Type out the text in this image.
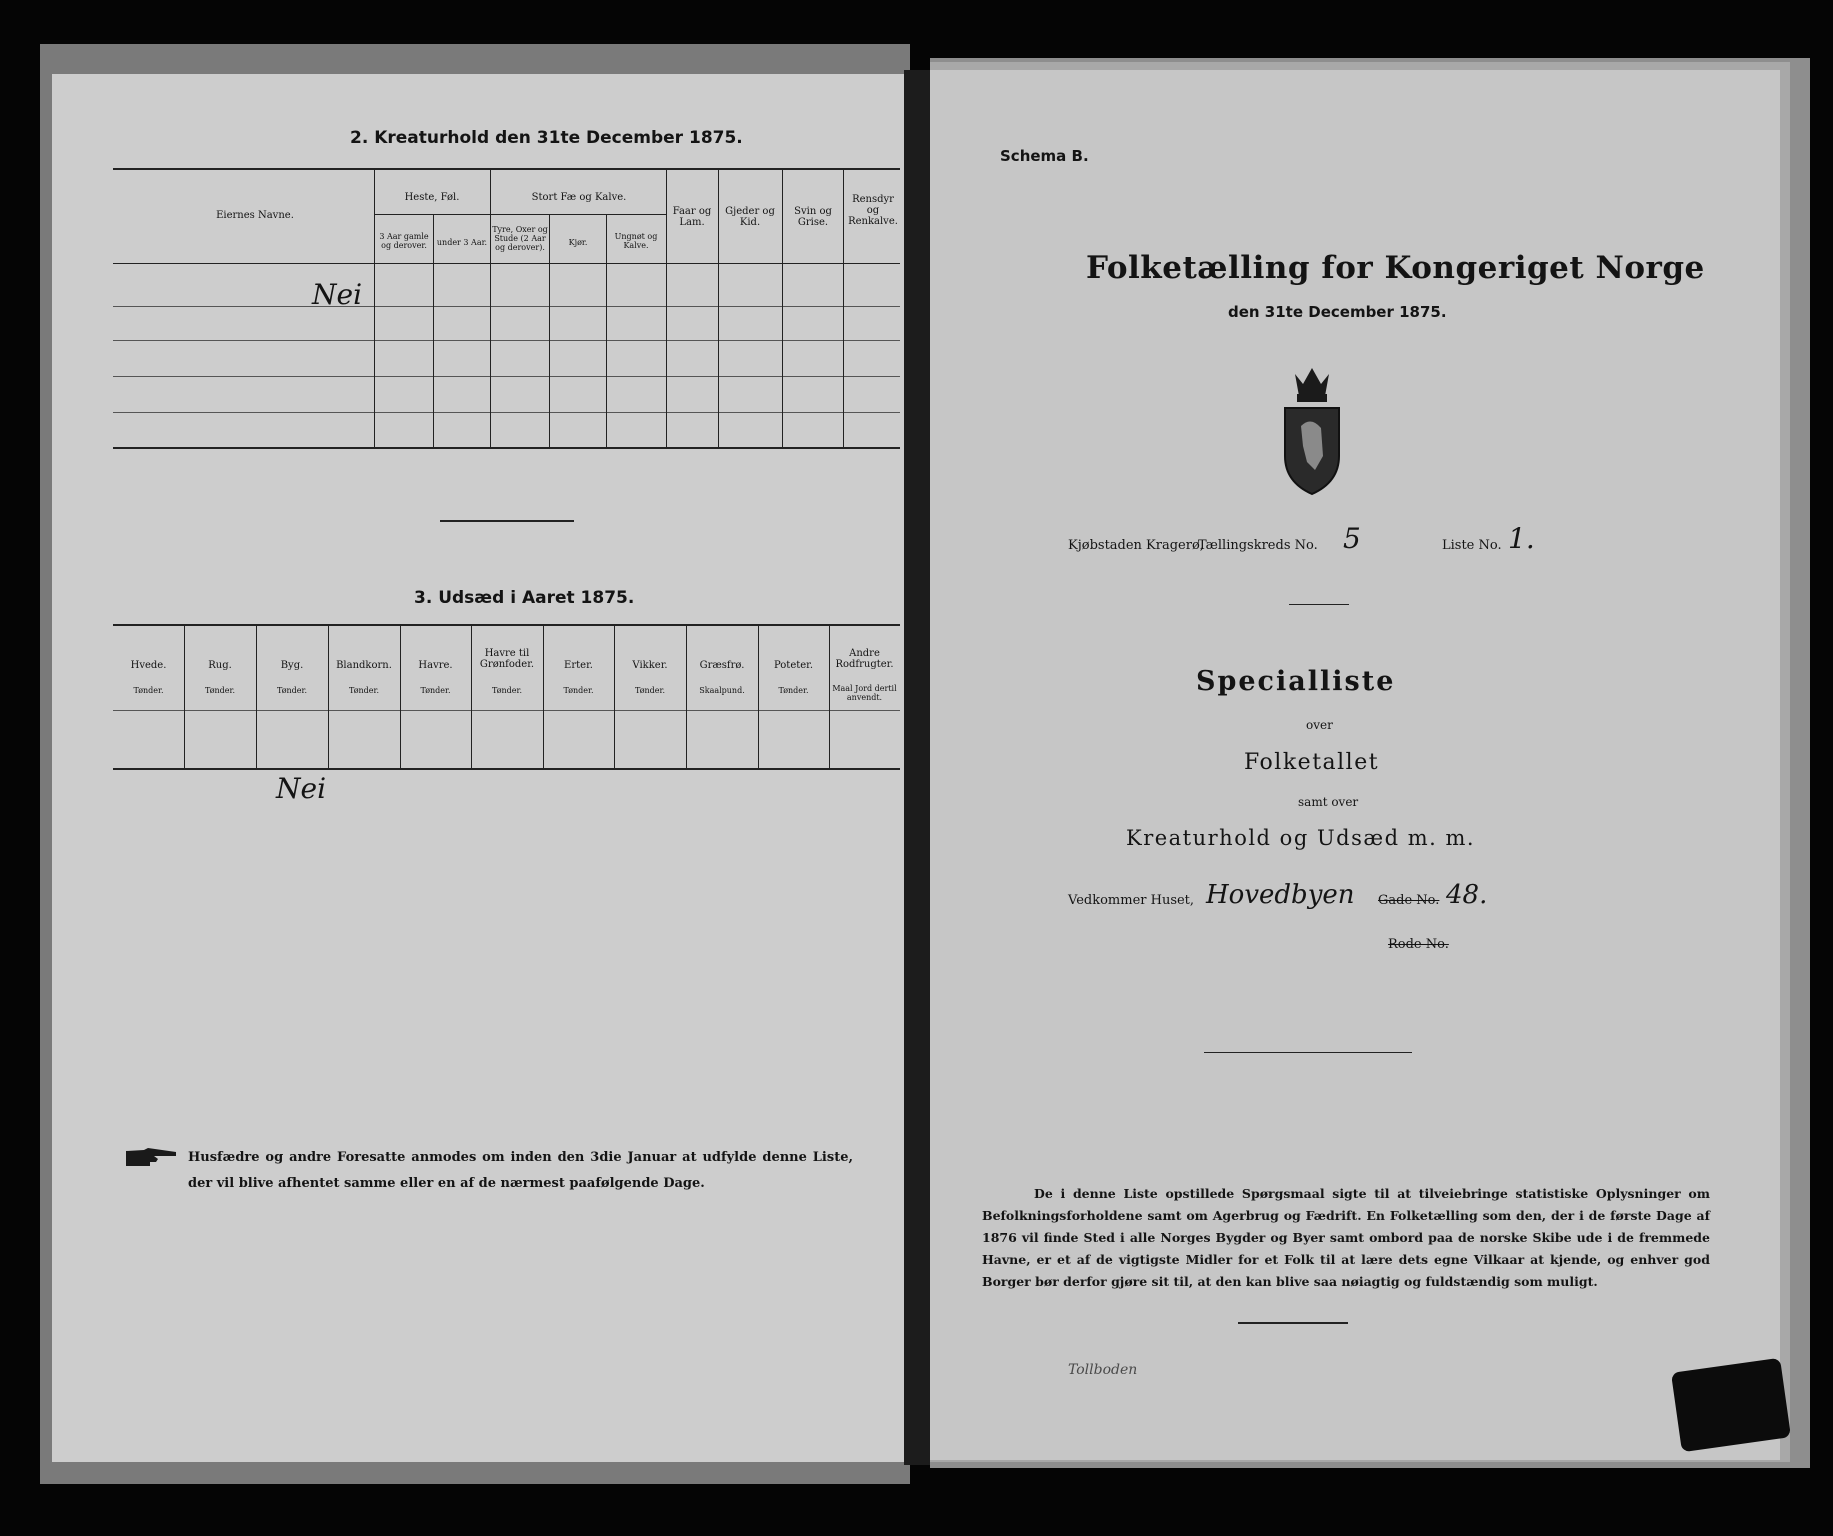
2. Kreaturhold den 31te December 1875.
Eiernes Navne.
Heste, Føl.
3 Aar gamle og derover.	under 3 Aar.
Stort Fæ og Kalve.
Tyre, Oxer og Stude (2 Aar og derover).
Kjør.
Ungnøt og Kalve.
Faar og Lam.
Gjeder og Kid.
Svin og Grise.
Rensdyr og Renkalve.
Nei
3. Udsæd i Aaret 1875.
Hvede.
Tønder.
Rug.
Tønder.
Byg.
Tønder.
Blandkorn.
Tønder.
Havre.
Tønder.
Havre til Grønfoder.
Tønder.
Erter.
Tønder.
Vikker.
Tønder.
Græsfrø.
Skaalpund.
Poteter.
Tønder.
Andre Rodfrugter.
Maal Jord dertil anvendt.
Nei
Husfædre og andre Foresatte anmodes om inden den 3die Januar at udfylde denne Liste, der vil blive afhentet samme eller en af de nærmest paafølgende Dage.
Schema B.
Folketælling for Kongeriget Norge
den 31te December 1875.
Kjøbstaden Kragerø,
Tællingskreds No. 5	Liste No. 1.
Specialliste
over
Folketallet
samt over
Kreaturhold og Udsæd m. m.
Vedkommer Huset, Hovedbyen Gade No. 48.
Rode No.
De i denne Liste opstillede Spørgsmaal sigte til at tilveiebringe statistiske Oplysninger om Befolkningsforholdene samt om Agerbrug og Fædrift. En Folketælling som den, der i de første Dage af 1876 vil finde Sted i alle Norges Bygder og Byer samt ombord paa de norske Skibe ude i de fremmede Havne, er et af de vigtigste Midler for et Folk til at lære dets egne Vilkaar at kjende, og enhver god Borger bør derfor gjøre sit til, at den kan blive saa nøiagtig og fuldstændig som muligt.
Tollboden
